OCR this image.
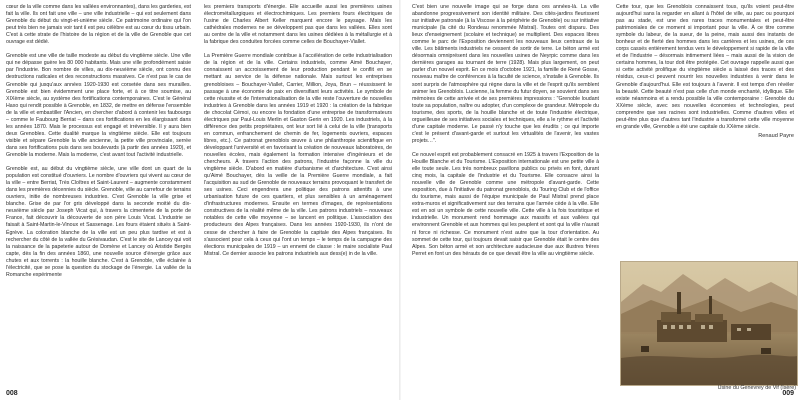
cœur de la ville comme dans les vallées environnantes), dans les garderies, est fait la ville. Ils ont fait une ville – une ville industrielle – qui est seulement dans Grenoble du début du vingt-et-unième siècle. Ce patrimoine ordinaire qui l'on peut très bien ne jamais voir tant il est peu célèbre est au cœur du tissu urbain. C'est à cette strate de l'histoire de la région et de la ville de Grenoble que cet ouvrage est dédié.

Grenoble est une ville de taille modeste au début du vingtième siècle. Une ville qui ne dépasse guère les 80 000 habitants. Mais une ville profondément saisie par l'industrie. Bon nombre de villes, au dix-neuvième siècle, ont connu des destructions radicales et des reconstructions massives. Ce n'est pas le cas de Grenoble qui jusqu'aux années 1920-1930 est corsetée dans ses murailles. Grenoble est bien évidemment une place forte, et à ce titre soumise, au XIXème siècle, au système des fortifications contemporaines. C'est le Général Haxo qui rendit possible à Grenoble, en 1832, de mettre en défense l'ensemble de la ville et embastiller l'Ancien, en chercher d'abord à contenir les faubourgs – comme le Faubourg Berriat – dans ces fortifications en les élargissant dans les années 1870. Mais le processus est engagé et irréversible. Il y aura bien deux Grenobles. Cette dualité marque la vingtième siècle. Elle est toujours visible et sépare Grenoble la ville ancienne, la petite ville provinciale, serrée dans ses fortifications puis dans ses boulevards (à partir des années 1920), et Grenoble la moderne. Mais la moderne, c'est avant tout l'activité industrielle.

Grenoble est, au début du vingtième siècle, une ville dont un quart de la population est constitué d'ouvriers. Le nombre d'ouvriers qui vivent au cœur de la ville – entre Berriat, Très Cloîtres et Saint-Laurent – augmente constamment dans les premières décennies du siècle. Grenoble, ville au carrefour de terrains ouvriers, initie de nombreuses industries. C'est Grenoble la ville grise et blanche. Grise de par l'or gris développé dans la seconde moitié du dix-neuvième siècle par Joseph Vicat qui, à travers la cimenterie de la porte de France, fait découvrir la découverte de son père Louis Vicat. L'industrie se faisait à Saint-Martin-le-Vinoux et Sassenage. Les fours étaient situés à Saint-Égrève. La coloration blanche de la ville est un peu plus tardive et est à rechercher du côté de la vallée du Grésivaudan. C'est le site de Lancey qui voit la naissance de la papeterie autour de Domène et Lancey où Aristide Bergès capte, dès la fin des années 1860, une nouvelle source d'énergie grâce aux chutes et aux torrents : la houille blanche. C'est à Grenoble, ville éclairée à l'électricité, que se pose la question du stockage de l'énergie. La vallée de la Romanche expérimente

les premiers transports d'énergie. Elle accueille aussi les premières usines électrométallurgiques et électrochimiques. Les premiers fours électriques de l'usine de Charles Albert Keller marquent encore le paysage. Mais les cathédrales modernes ne se développent pas que dans les vallées. Elles sont au centre de la ville et notamment dans les usines dédiées à la métallurgie et à la fabrique des conduites forcées comme celles de Bouchayer-Viallet.

La Première Guerre mondiale contribue à l'accélération de cette industrialisation de la région et de la ville. Certains industriels, comme Aimé Bouchayer, connaissent un accroissement de leur production pendant le conflit en se mettant au service de la défense nationale. Mais surtout les entreprises grenobloises – Bouchayer-Viallet, Carrier, Million, Joya, Brun – réussissent le passage à une économie de paix en diversifiant leurs activités. Le symbole de cette réussite et de l'internationalisation de la ville reste l'ouverture de nouvelles industries à Grenoble dans les années 1919 et 1920 : la création de la fabrique de chocolat Cémoi, ou encore la fondation d'une entreprise de transformateurs électriques par Paul-Louis Merlin et Gaston Gerin en 1920. Les industriels, à la différence des petits propriétaires, ont leur sort lié à celui de la ville (transports en commun, enfranchement de chemin de fer, logements ouvriers, espaces libres, etc.). Ce patronat grenoblois œuvre à une philanthropie scientifique en développant l'université et en favorisant la création de nouveaux laboratoires, de nouvelles écoles, mais également la formation intensive d'ingénieurs et de chercheurs. À travers l'action des patrons, l'industrie façonne la ville du vingtième siècle. D'abord en matière d'urbanisme et d'architecture. C'est ainsi qu'Aimé Bouchayer, dès la veille de la Première Guerre mondiale, a fait l'acquisition au sud de Grenoble de nouveaux terrains provoquant le transfert de ses usines. Ceci engendrera une politique des patrons attentifs à une urbanisation future de ces quartiers, et plus sensibles à un aménagement d'infrastructures modernes. Ensuite en termes d'images, de représentations constructives de la réalité même de la ville. Les patrons industriels – nouveaux notables de cette ville moyenne – se lancent en politique. L'association des producteurs des Alpes françaises. Dans les années 1920-1930, ils n'ont de cesse de chercher à faire de Grenoble la capitale des Alpes françaises. Ils s'associent pour cela à ceux qui l'ont un temps – le temps de la campagne des élections municipales de 1919 – un ennemi de classe : le maire socialiste Paul Mistral. Ce dernier associe les patrons industriels aux dess(e) in de la ville.

008

C'est bien une nouvelle image qui se forge dans ces années-là. La ville abandonne progressivement son identité militaire. Des cités-jardins fleurissent sur initiative patronale (à la Viscose à la périphérie de Grenoble) ou sur initiative municipale (la cité du Rondeau renommée Mistral). Toutes ont disparu. Des lieux d'enseignement (scolaire et technique) se multiplient. Des espaces libres comme le parc de l'Exposition deviennent les nouveaux lieux centraux de la ville. Les bâtiments industriels ne cessent de sortir de terre. Le béton armé est désormais omniprésent dans les nouvelles usines de Neyrpic comme dans les dernières garages au tournant de terre (1928). Mais plus largement, on peut parler d'un nouvel esprit. En ce mois d'octobre 1921, la famille de René Gosse, nouveau maître de conférences à la faculté de science, s'installe à Grenoble. Ils sont surpris de l'atmosphère qui règne dans la ville et de l'esprit qu'ils semblent animer les Grenoblois. Lucienne, la femme du futur doyen, se souvient dans ses mémoires de cette arrivée et de ses premières impressions : "Grenoble loudant toute sa population, naître ou adopter, d'un complexe de grandeur. Métropole du tourisme, des sports, de la houille blanche et de toute l'industrie électrique, orgueilleuse de ses initiatives sociales et techniques, elle a le rythme et l'activité d'une capitale moderne. Le passé n'y touche que les érudits ; ce qui importe c'est le présent d'avant-garde et surtout les virtualités de l'avenir, les vastes projets…".

Ce nouvel esprit est probablement consacré en 1925 à travers l'Exposition de la Houille Blanche et du Tourisme. L'Exposition internationale est une petite ville à elle toute seule. Les très nombreux pavillons publics ou privés en font, durant cinq mois, la capitale de l'industrie et du Tourisme. Elle consacre ainsi la nouvelle ville de Grenoble comme une métropole d'avant-garde. Cette exposition, due à l'initiative du patronat grenoblois, du Touring Club et de l'office du tourisme, mais aussi de l'équipe municipale de Paul Mistral prend place extra-muros et significativement sur des terrains que l'armée cède à la ville. Elle est en soi un symbole de cette nouvelle ville. Cette ville à la fois touristique et industrielle. Un monument rend hommage aux massifs et aux vallées qui environnent Grenoble et aux hommes qui les peuplent et sont qui la ville n'aurait ni force ni richesse. Ce monument n'est autre que la tour d'orientation. Au sommet de cette tour, qui toujours devait saisir que Grenoble était le centre des Alpes. Son béton armé et son architecture audacieuse due aux illustres frères Perret en font un des hérauts de ce que devait être la ville au vingtième siècle.

Cette tour, que les Grenoblois connaissent tous, qu'ils voient peut-être aujourd'hui sans la regarder en allant à l'hôtel de ville, au parc ou pourquoi pas au stade, est une des rares traces monumentales et peut-être patrimoniales de ce moment si important pour la ville. À ce titre comme symbole du labeur, de la sueur, de la peine, mais aussi des instants de bonheur et de fierté des hommes dans les carrières et les usines, de ces corps cassés entièrement tendus vers le développement si rapide de la ville et de l'industrie – désormais intimement liées – mais aussi de la vision de certains hommes, la tour doit être protégée. Cet ouvrage rappelle aussi que si cette activité prolifique du vingtième siècle a laissé des traces et des résidus, ceux-ci peuvent nourrir les nouvelles industries à venir dans le Grenoble d'aujourd'hui. Elle est toujours à l'avenir. Il est temps d'en révéler la beauté. Cette beauté n'est pas celle d'un monde enchanté, idyllique. Elle existe néanmoins et a rendu possible la ville contemporaine : Grenoble du XXème siècle, avec ses nouvelles économies et technologies, peut comprendre que ses racines sont industrielles. Comme d'autres villes et peut-être plus que d'autres tant l'industrie a transformé cette ville moyenne en grande ville, Grenoble a été une capitale du XXème siècle.

Renaud Payre

Usine du Genevrey de Vif (Isère)
009
